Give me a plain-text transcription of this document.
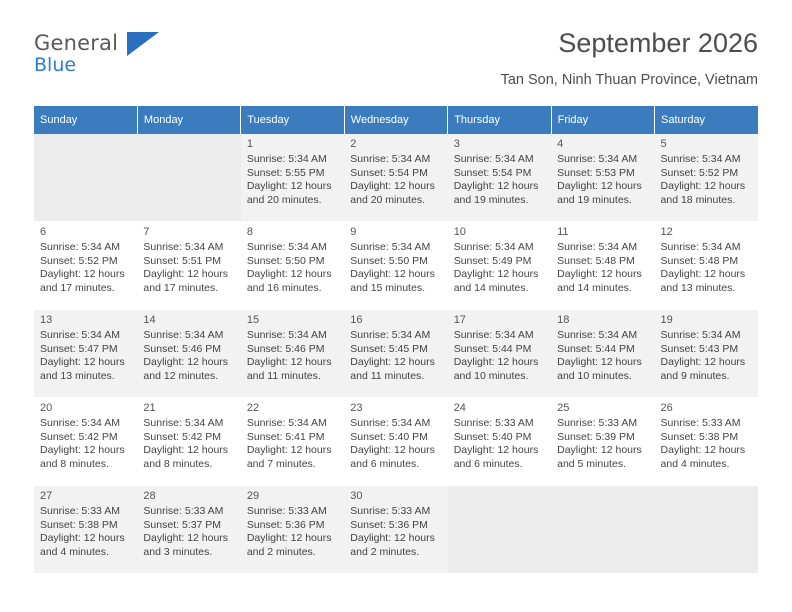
General
Blue
September 2026
Tan Son, Ninh Thuan Province, Vietnam
Sunday	Monday	Tuesday	Wednesday	Thursday	Friday	Saturday

		1
Sunrise: 5:34 AM
Sunset: 5:55 PM
Daylight: 12 hours
and 20 minutes.	2
Sunrise: 5:34 AM
Sunset: 5:54 PM
Daylight: 12 hours
and 20 minutes.	3
Sunrise: 5:34 AM
Sunset: 5:54 PM
Daylight: 12 hours
and 19 minutes.	4
Sunrise: 5:34 AM
Sunset: 5:53 PM
Daylight: 12 hours
and 19 minutes.	5
Sunrise: 5:34 AM
Sunset: 5:52 PM
Daylight: 12 hours
and 18 minutes.

6
Sunrise: 5:34 AM
Sunset: 5:52 PM
Daylight: 12 hours
and 17 minutes.	7
Sunrise: 5:34 AM
Sunset: 5:51 PM
Daylight: 12 hours
and 17 minutes.	8
Sunrise: 5:34 AM
Sunset: 5:50 PM
Daylight: 12 hours
and 16 minutes.	9
Sunrise: 5:34 AM
Sunset: 5:50 PM
Daylight: 12 hours
and 15 minutes.	10
Sunrise: 5:34 AM
Sunset: 5:49 PM
Daylight: 12 hours
and 14 minutes.	11
Sunrise: 5:34 AM
Sunset: 5:48 PM
Daylight: 12 hours
and 14 minutes.	12
Sunrise: 5:34 AM
Sunset: 5:48 PM
Daylight: 12 hours
and 13 minutes.

13
Sunrise: 5:34 AM
Sunset: 5:47 PM
Daylight: 12 hours
and 13 minutes.	14
Sunrise: 5:34 AM
Sunset: 5:46 PM
Daylight: 12 hours
and 12 minutes.	15
Sunrise: 5:34 AM
Sunset: 5:46 PM
Daylight: 12 hours
and 11 minutes.	16
Sunrise: 5:34 AM
Sunset: 5:45 PM
Daylight: 12 hours
and 11 minutes.	17
Sunrise: 5:34 AM
Sunset: 5:44 PM
Daylight: 12 hours
and 10 minutes.	18
Sunrise: 5:34 AM
Sunset: 5:44 PM
Daylight: 12 hours
and 10 minutes.	19
Sunrise: 5:34 AM
Sunset: 5:43 PM
Daylight: 12 hours
and 9 minutes.

20
Sunrise: 5:34 AM
Sunset: 5:42 PM
Daylight: 12 hours
and 8 minutes.	21
Sunrise: 5:34 AM
Sunset: 5:42 PM
Daylight: 12 hours
and 8 minutes.	22
Sunrise: 5:34 AM
Sunset: 5:41 PM
Daylight: 12 hours
and 7 minutes.	23
Sunrise: 5:34 AM
Sunset: 5:40 PM
Daylight: 12 hours
and 6 minutes.	24
Sunrise: 5:33 AM
Sunset: 5:40 PM
Daylight: 12 hours
and 6 minutes.	25
Sunrise: 5:33 AM
Sunset: 5:39 PM
Daylight: 12 hours
and 5 minutes.	26
Sunrise: 5:33 AM
Sunset: 5:38 PM
Daylight: 12 hours
and 4 minutes.

27
Sunrise: 5:33 AM
Sunset: 5:38 PM
Daylight: 12 hours
and 4 minutes.	28
Sunrise: 5:33 AM
Sunset: 5:37 PM
Daylight: 12 hours
and 3 minutes.	29
Sunrise: 5:33 AM
Sunset: 5:36 PM
Daylight: 12 hours
and 2 minutes.	30
Sunrise: 5:33 AM
Sunset: 5:36 PM
Daylight: 12 hours
and 2 minutes.			
